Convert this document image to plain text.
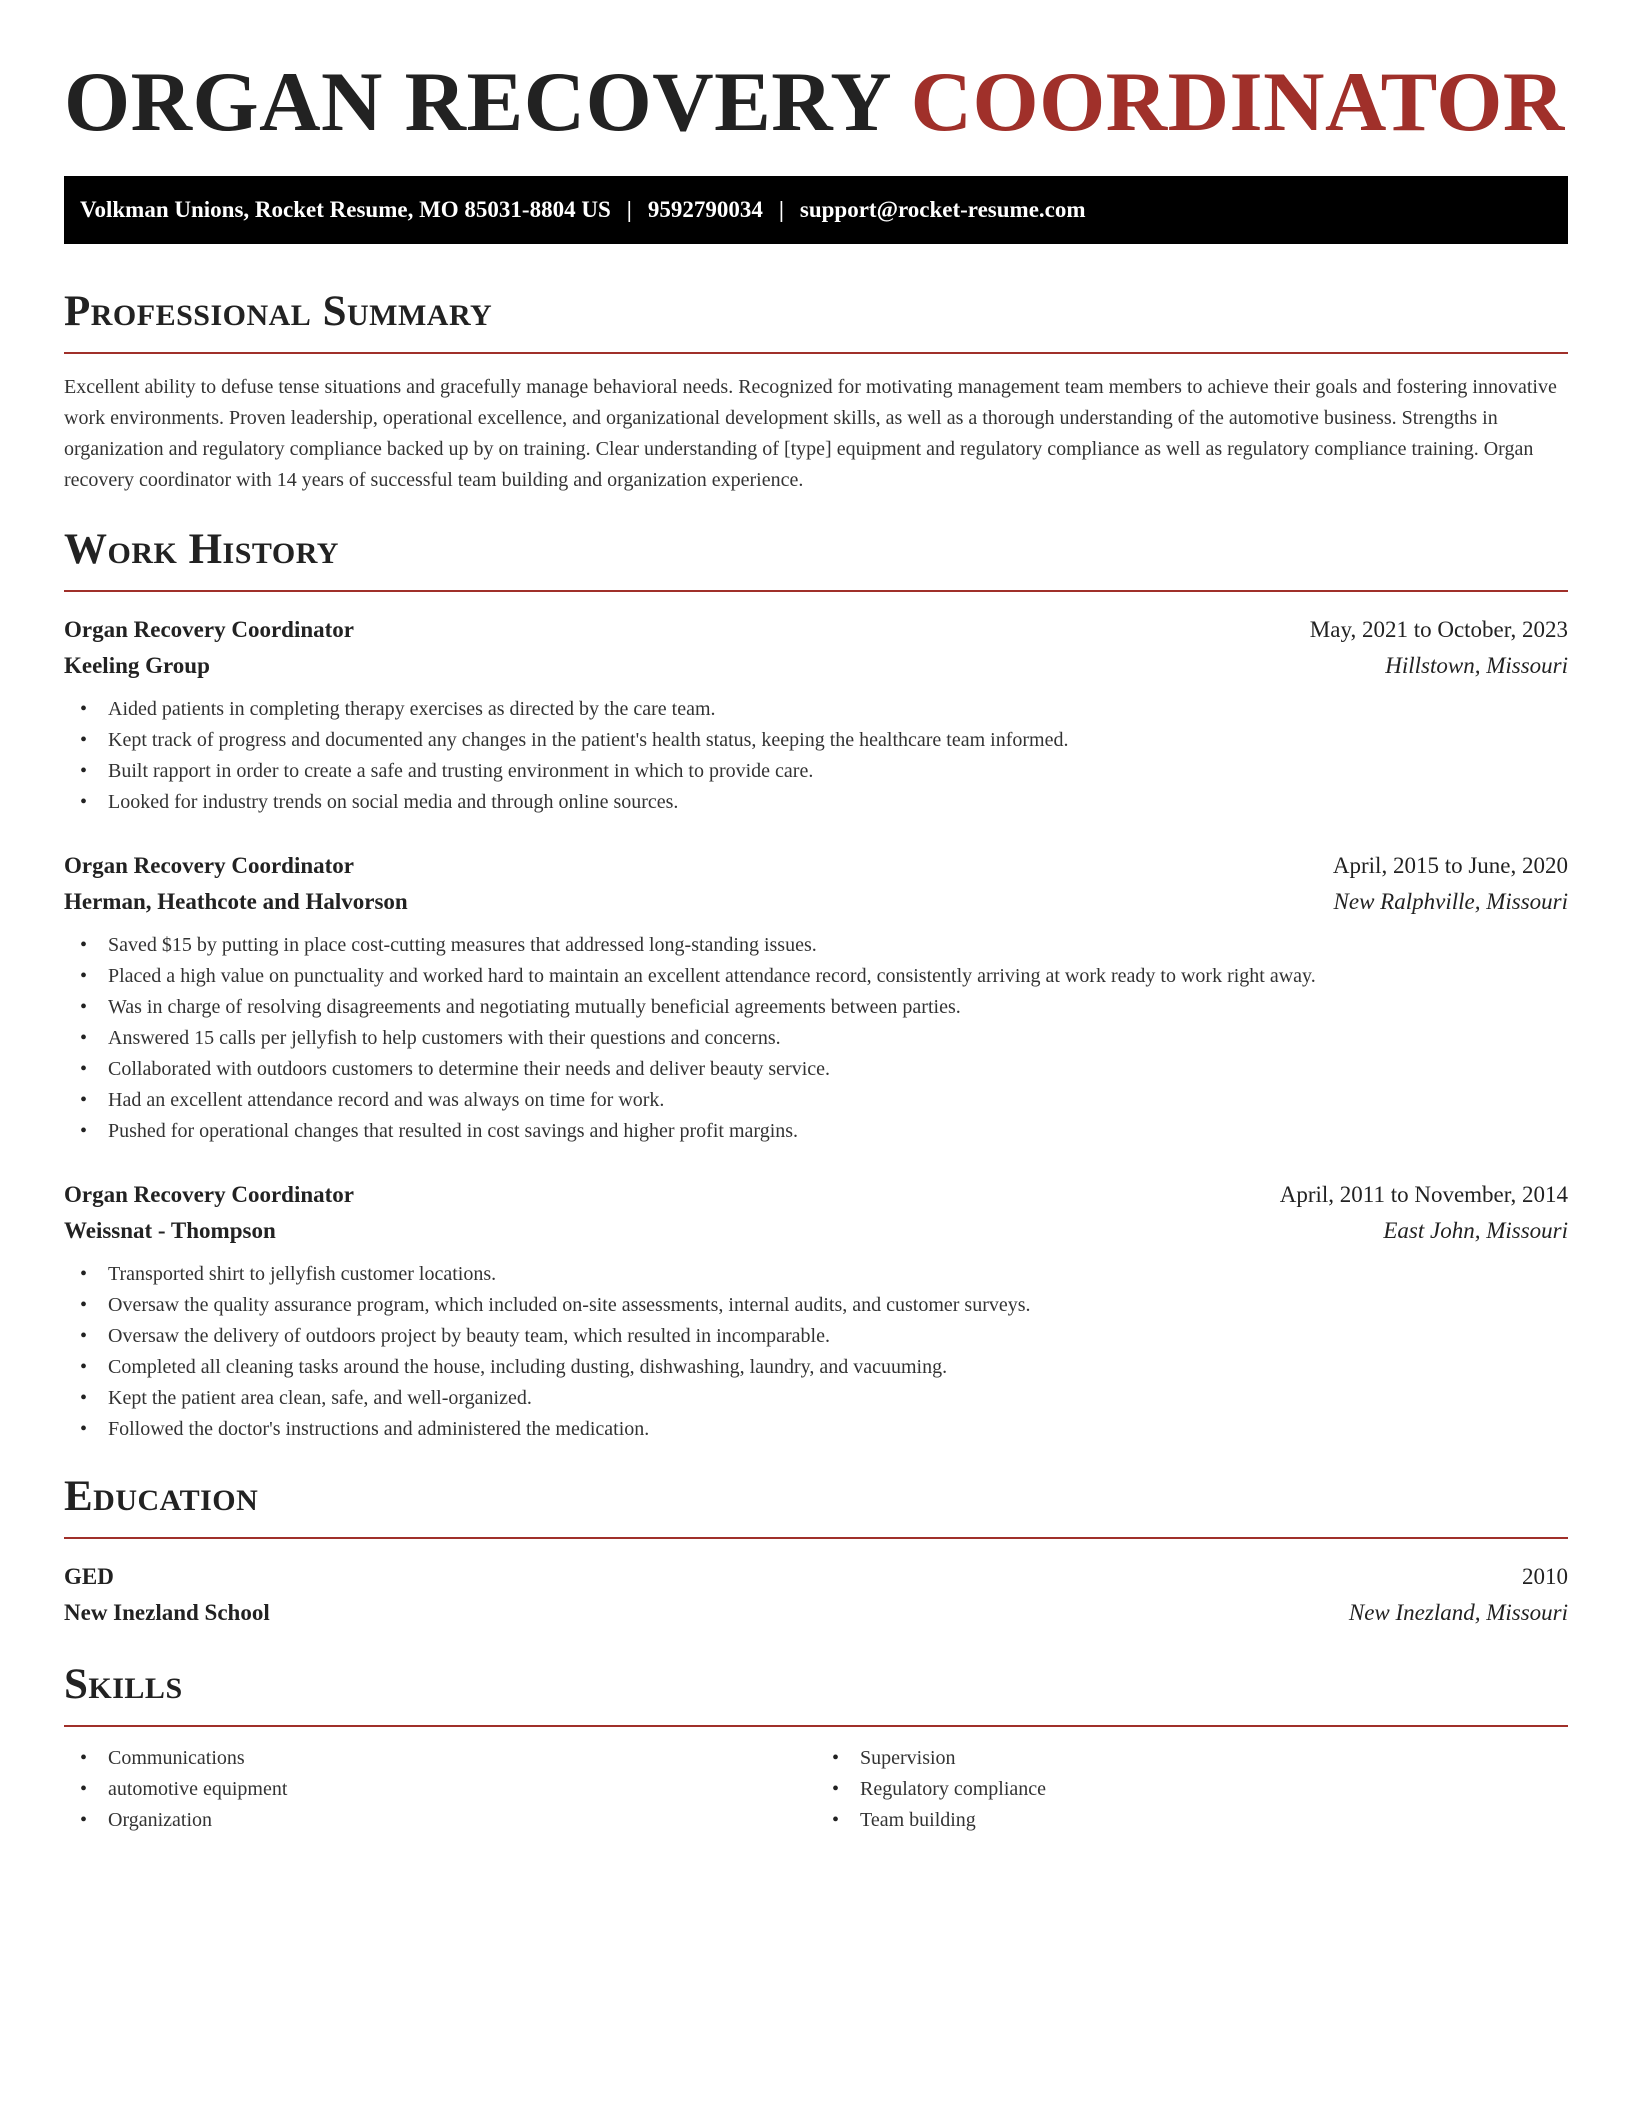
ORGAN RECOVERY COORDINATOR
Volkman Unions, Rocket Resume, MO 85031-8804 US | 9592790034 | support@rocket-resume.com
Professional Summary

Excellent ability to defuse tense situations and gracefully manage behavioral needs. Recognized for motivating management team members to achieve their goals and fostering innovative work environments. Proven leadership, operational excellence, and organizational development skills, as well as a thorough understanding of the automotive business. Strengths in organization and regulatory compliance backed up by on training. Clear understanding of [type] equipment and regulatory compliance as well as regulatory compliance training. Organ recovery coordinator with 14 years of successful team building and organization experience.

Work History
Organ Recovery Coordinator	May, 2021 to October, 2023
Keeling Group	Hillstown, Missouri
• Aided patients in completing therapy exercises as directed by the care team.
• Kept track of progress and documented any changes in the patient's health status, keeping the healthcare team informed.
• Built rapport in order to create a safe and trusting environment in which to provide care.
• Looked for industry trends on social media and through online sources.
Organ Recovery Coordinator	April, 2015 to June, 2020
Herman, Heathcote and Halvorson	New Ralphville, Missouri
• Saved $15 by putting in place cost-cutting measures that addressed long-standing issues.
• Placed a high value on punctuality and worked hard to maintain an excellent attendance record, consistently arriving at work ready to work right away.
• Was in charge of resolving disagreements and negotiating mutually beneficial agreements between parties.
• Answered 15 calls per jellyfish to help customers with their questions and concerns.
• Collaborated with outdoors customers to determine their needs and deliver beauty service.
• Had an excellent attendance record and was always on time for work.
• Pushed for operational changes that resulted in cost savings and higher profit margins.
Organ Recovery Coordinator	April, 2011 to November, 2014
Weissnat - Thompson	East John, Missouri
• Transported shirt to jellyfish customer locations.
• Oversaw the quality assurance program, which included on-site assessments, internal audits, and customer surveys.
• Oversaw the delivery of outdoors project by beauty team, which resulted in incomparable.
• Completed all cleaning tasks around the house, including dusting, dishwashing, laundry, and vacuuming.
• Kept the patient area clean, safe, and well-organized.
• Followed the doctor's instructions and administered the medication.
Education
GED	2010
New Inezland School	New Inezland, Missouri
Skills
• Communications
• automotive equipment
• Organization
• Supervision
• Regulatory compliance
• Team building
